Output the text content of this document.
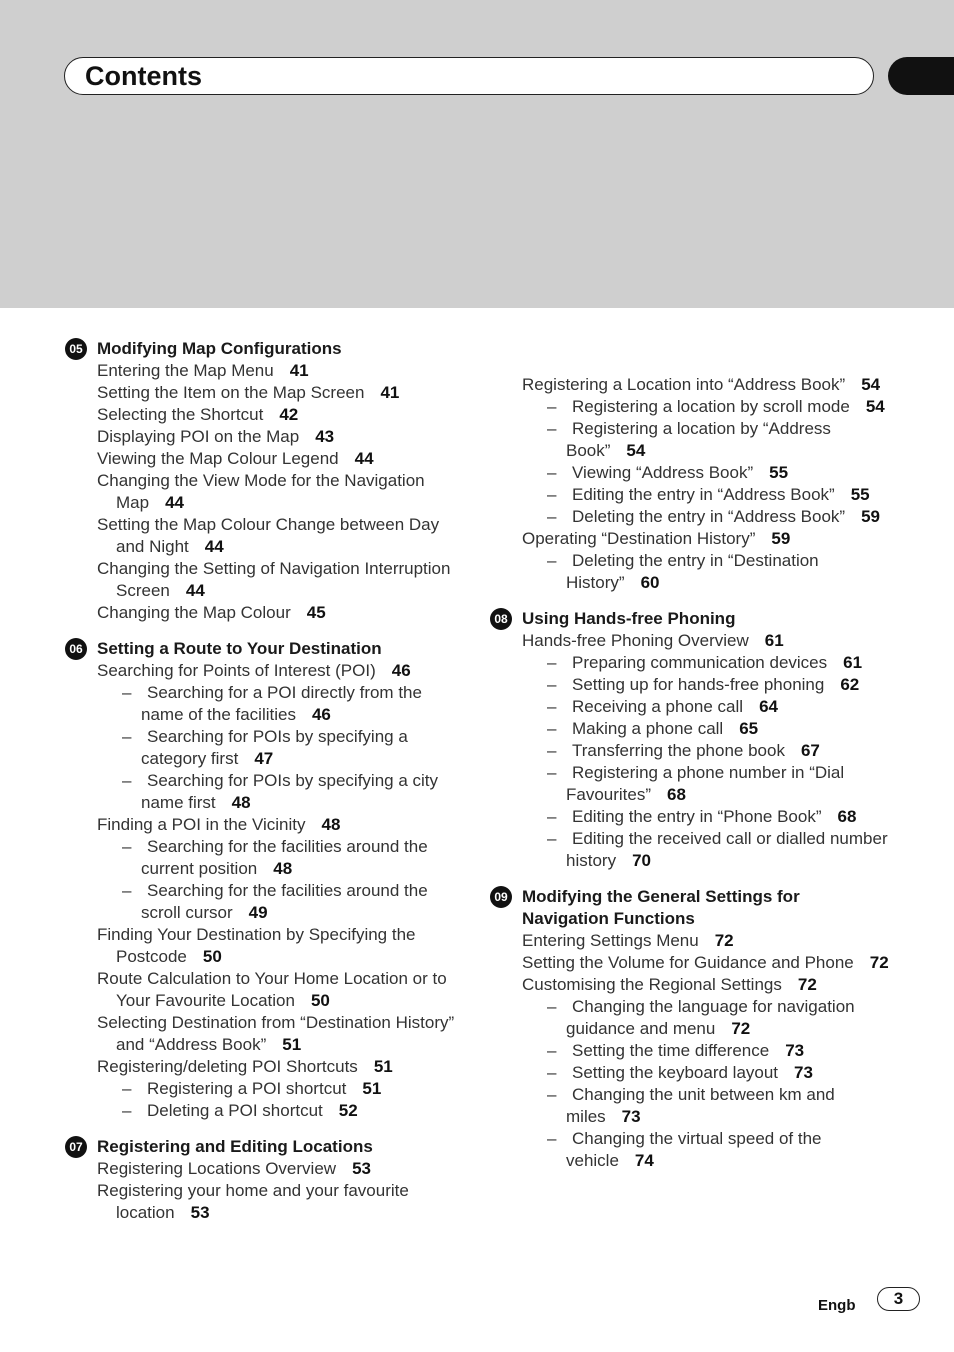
Contents
05 Modifying Map Configurations
Entering the Map Menu 41
Setting the Item on the Map Screen 41
Selecting the Shortcut 42
Displaying POI on the Map 43
Viewing the Map Colour Legend 44
Changing the View Mode for the Navigation Map 44
Setting the Map Colour Change between Day and Night 44
Changing the Setting of Navigation Interruption Screen 44
Changing the Map Colour 45
06 Setting a Route to Your Destination
Searching for Points of Interest (POI) 46
– Searching for a POI directly from the name of the facilities 46
– Searching for POIs by specifying a category first 47
– Searching for POIs by specifying a city name first 48
Finding a POI in the Vicinity 48
– Searching for the facilities around the current position 48
– Searching for the facilities around the scroll cursor 49
Finding Your Destination by Specifying the Postcode 50
Route Calculation to Your Home Location or to Your Favourite Location 50
Selecting Destination from “Destination History” and “Address Book” 51
Registering/deleting POI Shortcuts 51
– Registering a POI shortcut 51
– Deleting a POI shortcut 52
07 Registering and Editing Locations
Registering Locations Overview 53
Registering your home and your favourite location 53
Registering a Location into “Address Book” 54
– Registering a location by scroll mode 54
– Registering a location by “Address Book” 54
– Viewing “Address Book” 55
– Editing the entry in “Address Book” 55
– Deleting the entry in “Address Book” 59
Operating “Destination History” 59
– Deleting the entry in “Destination History” 60
08 Using Hands-free Phoning
Hands-free Phoning Overview 61
– Preparing communication devices 61
– Setting up for hands-free phoning 62
– Receiving a phone call 64
– Making a phone call 65
– Transferring the phone book 67
– Registering a phone number in “Dial Favourites” 68
– Editing the entry in “Phone Book” 68
– Editing the received call or dialled number history 70
09 Modifying the General Settings for Navigation Functions
Entering Settings Menu 72
Setting the Volume for Guidance and Phone 72
Customising the Regional Settings 72
– Changing the language for navigation guidance and menu 72
– Setting the time difference 73
– Setting the keyboard layout 73
– Changing the unit between km and miles 73
– Changing the virtual speed of the vehicle 74
Engb	3
